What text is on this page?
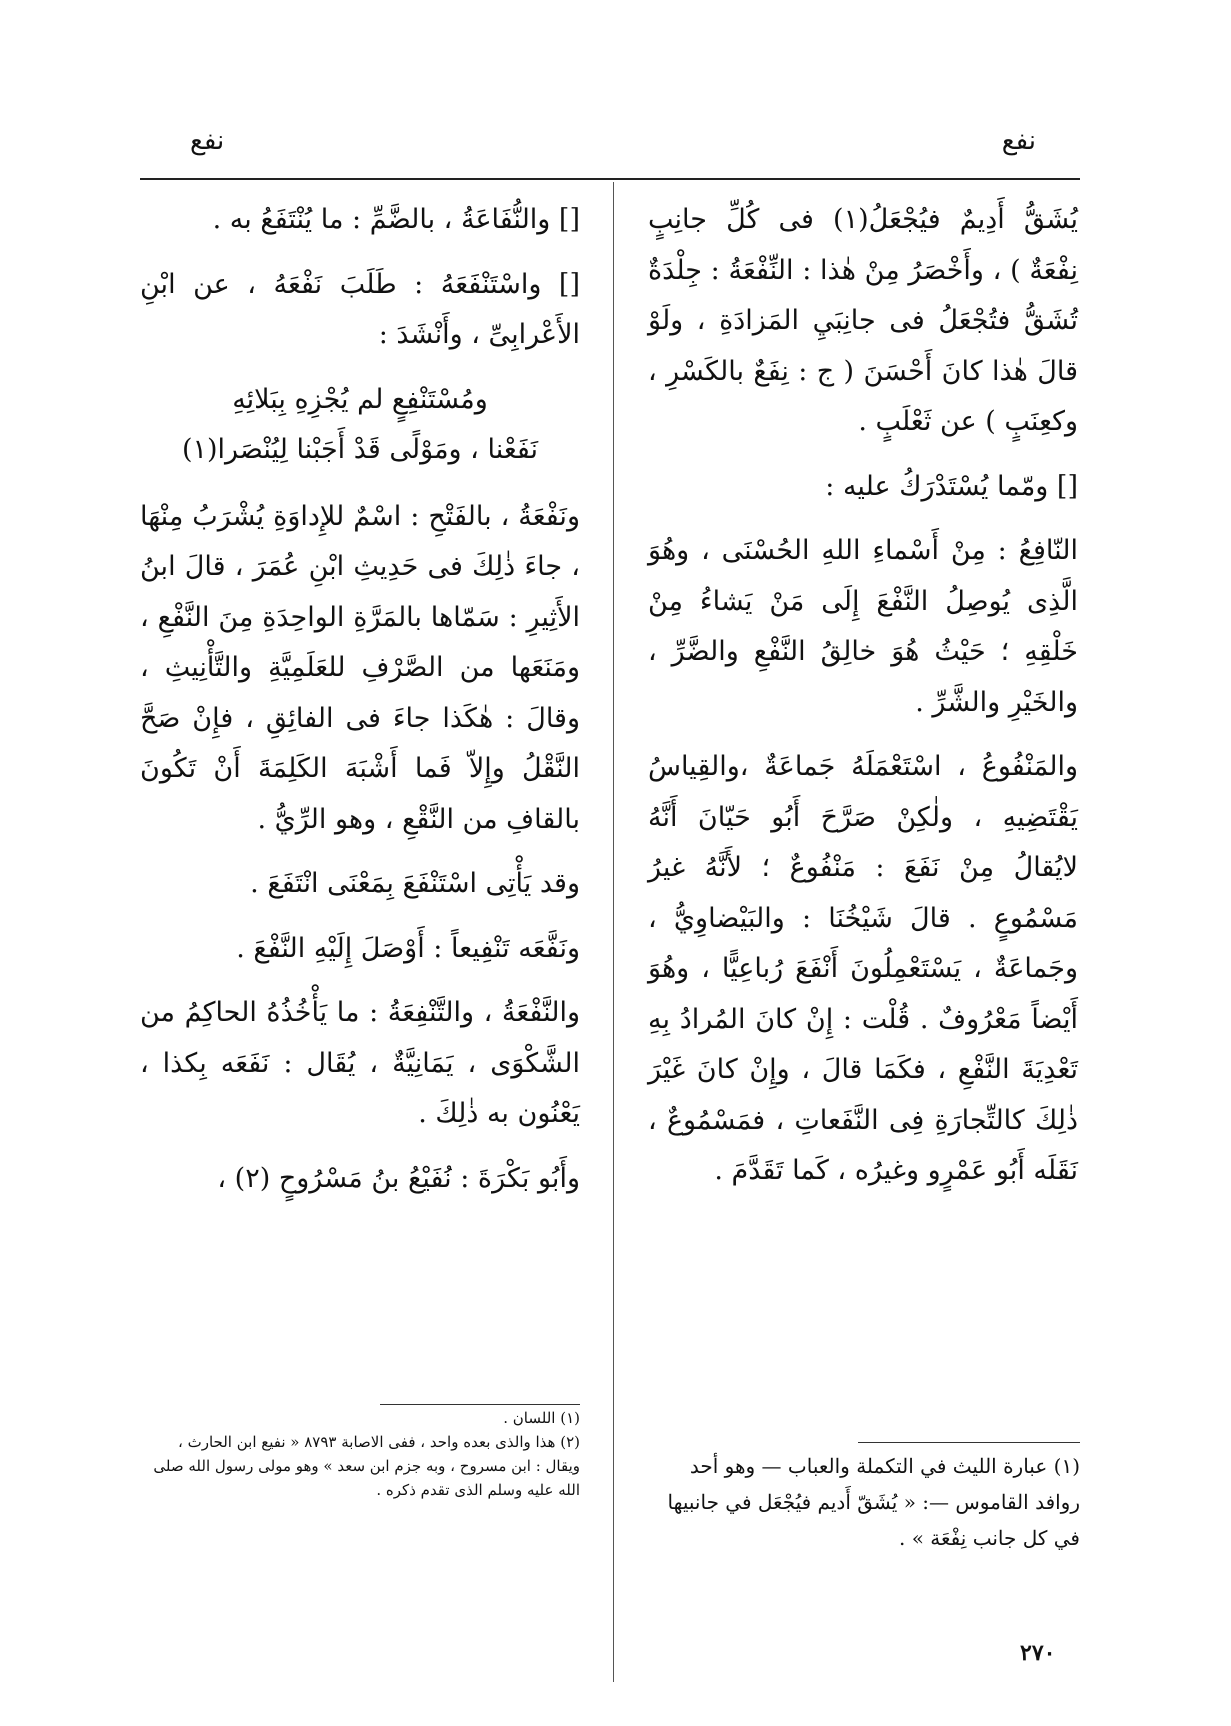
نفع
نفع

يُشَقُّ أَدِيمٌ فيُجْعَلُ(١) فى كُلِّ جانِبٍ نِفْعَةٌ ) ، وأَخْصَرُ مِنْ هٰذا : النِّفْعَةُ : جِلْدَةٌ تُشَقُّ فتُجْعَلُ فى جانِبَيِ المَزادَةِ ، ولَوْ قالَ هٰذا كانَ أَحْسَنَ ( ج : نِفَعٌ بالكَسْرِ ، وكعِنَبٍ ) عن ثَعْلَبٍ .

[] ومّما يُسْتَدْرَكُ عليه :

النّافِعُ : مِنْ أَسْماءِ اللهِ الحُسْنَى ، وهُوَ الَّذِى يُوصِلُ النَّفْعَ إِلَى مَنْ يَشاءُ مِنْ خَلْقِهِ ؛ حَيْثُ هُوَ خالِقُ النَّفْعِ والضَّرِّ ، والخَيْرِ والشَّرِّ .

والمَنْفُوعُ ، اسْتَعْمَلَهُ جَماعَةٌ ،والقِياسُ يَقْتَضِيهِ ، ولٰكِنْ صَرَّحَ أَبُو حَيّانَ أَنَّهُ لايُقالُ مِنْ نَفَعَ : مَنْفُوعٌ ؛ لأَنَّهُ غيرُ مَسْمُوعٍ . قالَ شَيْخُنَا : والبَيْضاوِيُّ ، وجَماعَةٌ ، يَسْتَعْمِلُونَ أَنْفَعَ رُباعِيًّا ، وهُوَ أَيْضاً مَعْرُوفٌ . قُلْت : إِنْ كانَ المُرادُ بِهِ تَعْدِيَةَ النَّفْعِ ، فكَمَا قالَ ، وإِنْ كانَ غَيْرَ ذٰلِكَ كالتِّجارَةِ فِى النَّفَعاتِ ، فمَسْمُوعٌ ، نَقَلَه أَبُو عَمْرٍو وغيرُه ، كَما تَقَدَّمَ .

[] والنُّفَاعَةُ ، بالضَّمِّ : ما يُنْتَفَعُ به .

[] واسْتَنْفَعَهُ : طَلَبَ نَفْعَهُ ، عن ابْنِ الأَعْرابِىِّ ، وأَنْشَدَ :

ومُسْتَنْفِعٍ لم يُجْزِهِ بِبَلائِهِ
نَفَعْنا ، ومَوْلًى قَدْ أَجَبْنا لِيُنْصَرا(١)

ونَفْعَةُ ، بالفَتْحِ : اسْمٌ للإِداوَةِ يُشْرَبُ مِنْهَا ، جاءَ ذٰلِكَ فى حَدِيثِ ابْنِ عُمَرَ ، قالَ ابنُ الأَثِيرِ : سَمّاها بالمَرَّةِ الواحِدَةِ مِنَ النَّفْعِ ، ومَنَعَها من الصَّرْفِ للعَلَمِيَّةِ والتَّأْنِيثِ ، وقالَ : هٰكَذا جاءَ فى الفائِقِ ، فإِنْ صَحَّ النَّقْلُ وإِلاّ فَما أَشْبَهَ الكَلِمَةَ أَنْ تَكُونَ بالقافِ من النَّقْعِ ، وهو الرِّيُّ .

وقد يَأْتِى اسْتَنْفَعَ بِمَعْنَى انْتَفَعَ .

ونَفَّعَه تَنْفِيعاً : أَوْصَلَ إِلَيْهِ النَّفْعَ .

والنَّفْعَةُ ، والتَّنْفِعَةُ : ما يَأْخُذُهُ الحاكِمُ من الشَّكْوَى ، يَمَانِيَّةٌ ، يُقَال : نَفَعَه بِكذا ، يَعْنُون به ذٰلِكَ .

وأَبُو بَكْرَةَ : نُفَيْعُ بنُ مَسْرُوحٍ (٢) ،

(١) عبارة الليث في التكملة والعباب — وهو أحد روافد القاموس —: « يُشَقّ أَديم فيُجْعَل في جانبيها في كل جانب نِفْعَة » .

(١) اللسان .

(٢) هذا والذى بعده واحد ، ففى الاصابة ٨٧٩٣ « نفيع ابن الحارث ، ويقال : ابن مسروح ، وبه جزم ابن سعد » وهو مولى رسول الله صلى الله عليه وسلم الذى تقدم ذكره .

٢٧٠
